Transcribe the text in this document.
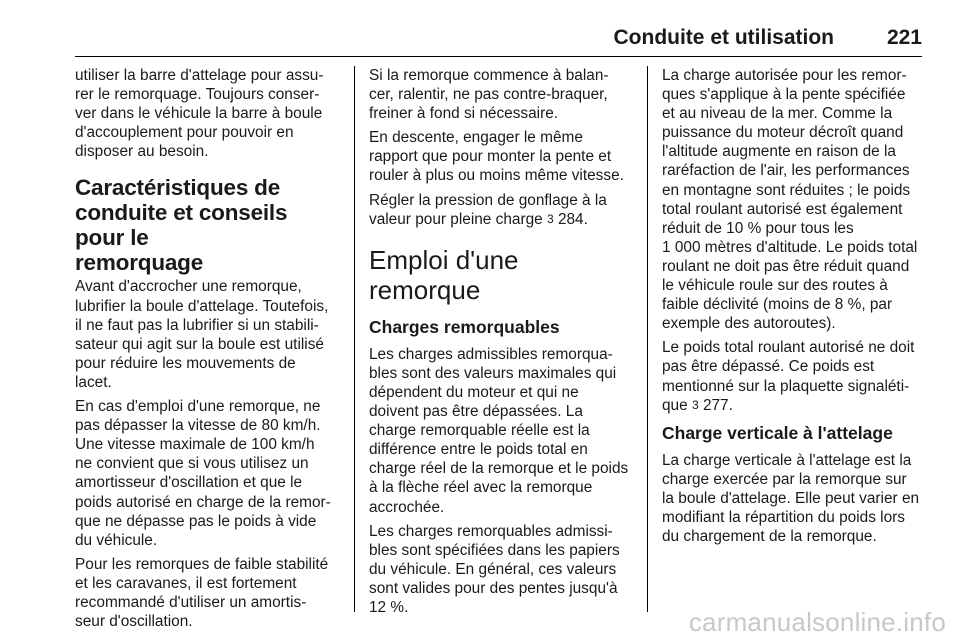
Conduite et utilisation	221

utiliser la barre d'attelage pour assu-
rer le remorquage. Toujours conser-
ver dans le véhicule la barre à boule
d'accouplement pour pouvoir en
disposer au besoin.

Caractéristiques de
conduite et conseils pour le
remorquage

Avant d'accrocher une remorque,
lubrifier la boule d'attelage. Toutefois,
il ne faut pas la lubrifier si un stabili-
sateur qui agit sur la boule est utilisé
pour réduire les mouvements de
lacet.

En cas d'emploi d'une remorque, ne
pas dépasser la vitesse de 80 km/h.
Une vitesse maximale de 100 km/h
ne convient que si vous utilisez un
amortisseur d'oscillation et que le
poids autorisé en charge de la remor-
que ne dépasse pas le poids à vide
du véhicule.

Pour les remorques de faible stabilité
et les caravanes, il est fortement
recommandé d'utiliser un amortis-
seur d'oscillation.

Si la remorque commence à balan-
cer, ralentir, ne pas contre-braquer,
freiner à fond si nécessaire.

En descente, engager le même
rapport que pour monter la pente et
rouler à plus ou moins même vitesse.

Régler la pression de gonflage à la
valeur pour pleine charge 3 284.

Emploi d'une remorque
Charges remorquables

Les charges admissibles remorqua-
bles sont des valeurs maximales qui
dépendent du moteur et qui ne
doivent pas être dépassées. La
charge remorquable réelle est la
différence entre le poids total en
charge réel de la remorque et le poids
à la flèche réel avec la remorque
accrochée.

Les charges remorquables admissi-
bles sont spécifiées dans les papiers
du véhicule. En général, ces valeurs
sont valides pour des pentes jusqu'à
12 %.

La charge autorisée pour les remor-
ques s'applique à la pente spécifiée
et au niveau de la mer. Comme la
puissance du moteur décroît quand
l'altitude augmente en raison de la
raréfaction de l'air, les performances
en montagne sont réduites ; le poids
total roulant autorisé est également
réduit de 10 % pour tous les
1 000 mètres d'altitude. Le poids total
roulant ne doit pas être réduit quand
le véhicule roule sur des routes à
faible déclivité (moins de 8 %, par
exemple des autoroutes).

Le poids total roulant autorisé ne doit
pas être dépassé. Ce poids est
mentionné sur la plaquette signaléti-
que 3 277.

Charge verticale à l'attelage

La charge verticale à l'attelage est la
charge exercée par la remorque sur
la boule d'attelage. Elle peut varier en
modifiant la répartition du poids lors
du chargement de la remorque.

carmanualsonline.info
